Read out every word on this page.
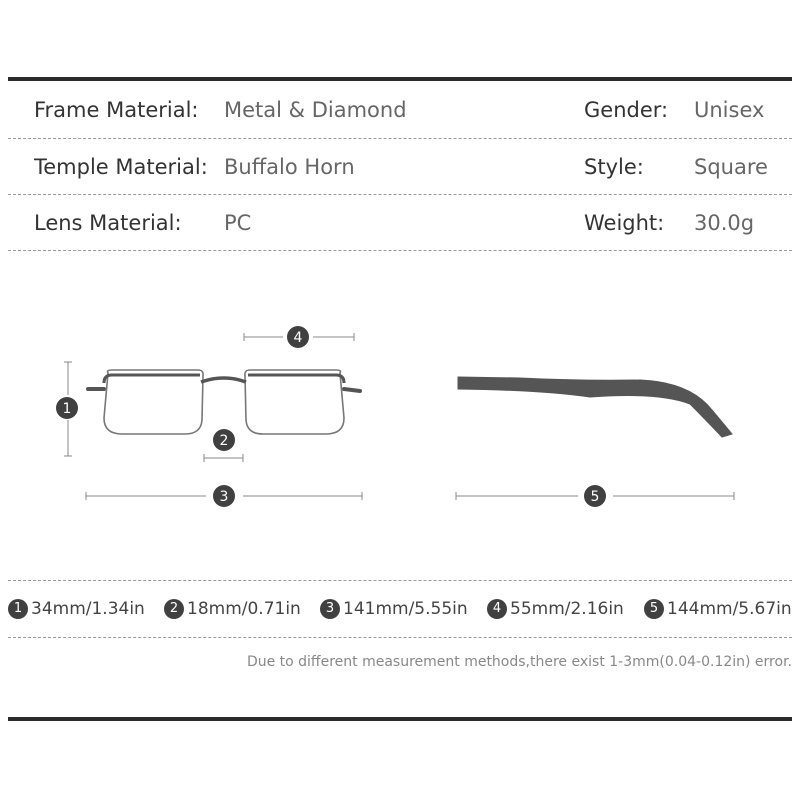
Frame Material: Metal & Diamond	Gender: Unisex
Temple Material: Buffalo Horn	Style: Square
Lens Material: PC	Weight: 30.0g
1
2
3
4
5
1 34mm/1.34in	2 18mm/0.71in	3 141mm/5.55in	4 55mm/2.16in	5 144mm/5.67in
Due to different measurement methods,there exist 1-3mm(0.04-0.12in) error.
